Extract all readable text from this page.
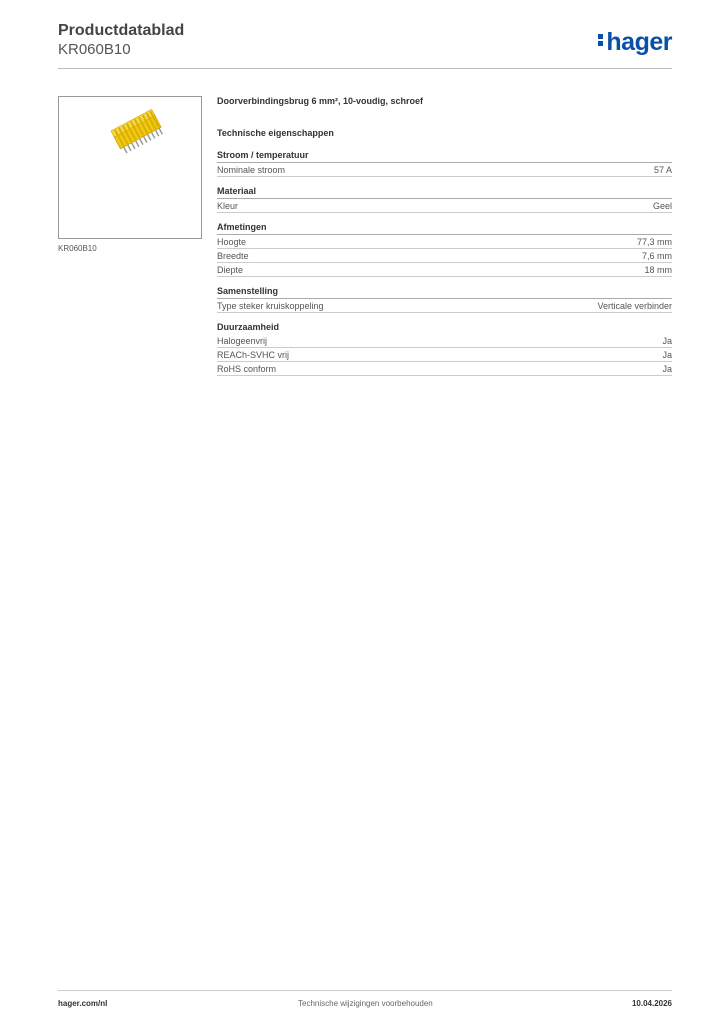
Productdatablad
KR060B10	hager
KR060B10
Doorverbindingsbrug 6 mm², 10-voudig, schroef
Technische eigenschappen
Stroom / temperatuur
Nominale stroom	57 A
Materiaal
Kleur	Geel
Afmetingen
Hoogte	77,3 mm
Breedte	7,6 mm
Diepte	18 mm
Samenstelling
Type steker kruiskoppeling	Verticale verbinder
Duurzaamheid
Halogeenvrij	Ja
REACh-SVHC vrij	Ja
RoHS conform	Ja
hager.com/nl	Technische wijzigingen voorbehouden	10.04.2026
